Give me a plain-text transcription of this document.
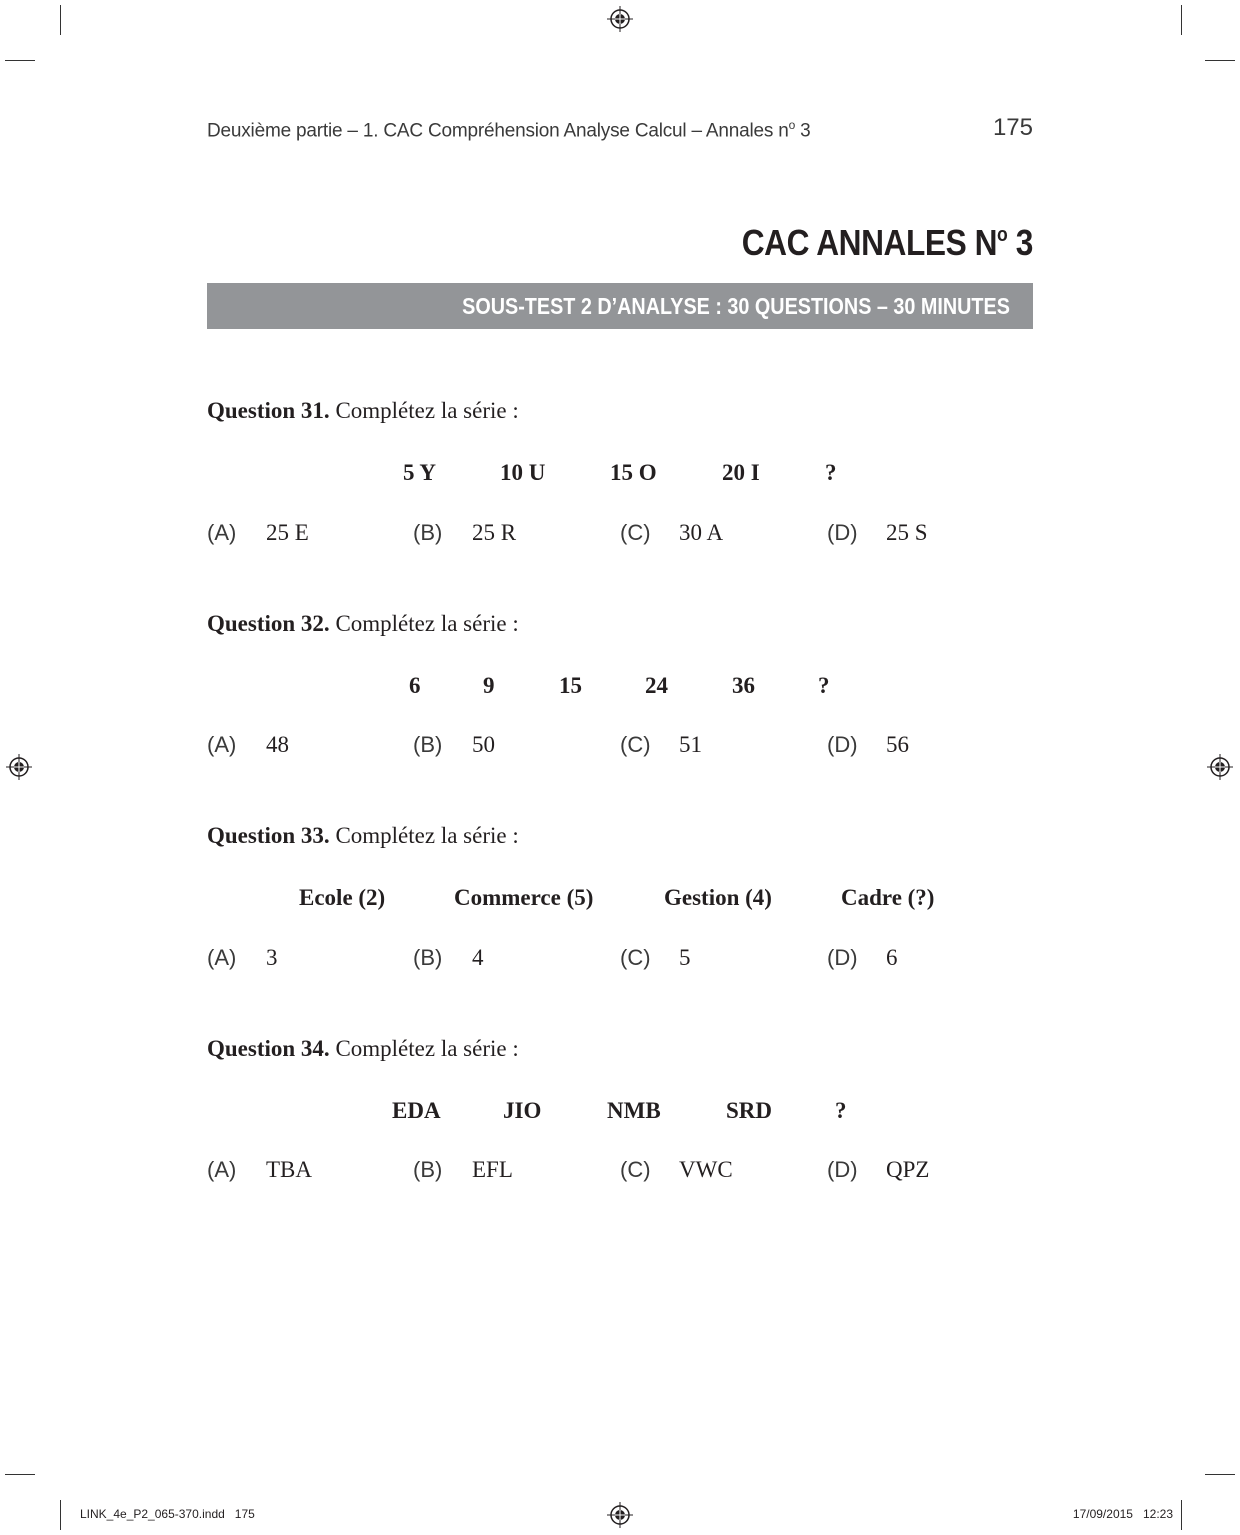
Deuxième partie – 1. CAC Compréhension Analyse Calcul – Annales $n^o$ 3	175
CAC ANNALES $N^o$ 3
SOUS-TEST 2 D’ANALYSE : 30 QUESTIONS – 30 MINUTES
Question 31. Complétez la série :
5 Y	10 U	15 O	20 I	?
(A) 25 E	(B) 25 R	(C) 30 A	(D) 25 S
Question 32. Complétez la série :
6	9	15	24	36	?
(A) 48	(B) 50	(C) 51	(D) 56
Question 33. Complétez la série :
Ecole (2)	Commerce (5)	Gestion (4)	Cadre (?)
(A) 3	(B) 4	(C) 5	(D) 6
Question 34. Complétez la série :
EDA	JIO	NMB	SRD	?
(A) TBA	(B) EFL	(C) VWC	(D) QPZ
LINK_4e_P2_065-370.indd   175	17/09/2015   12:23
